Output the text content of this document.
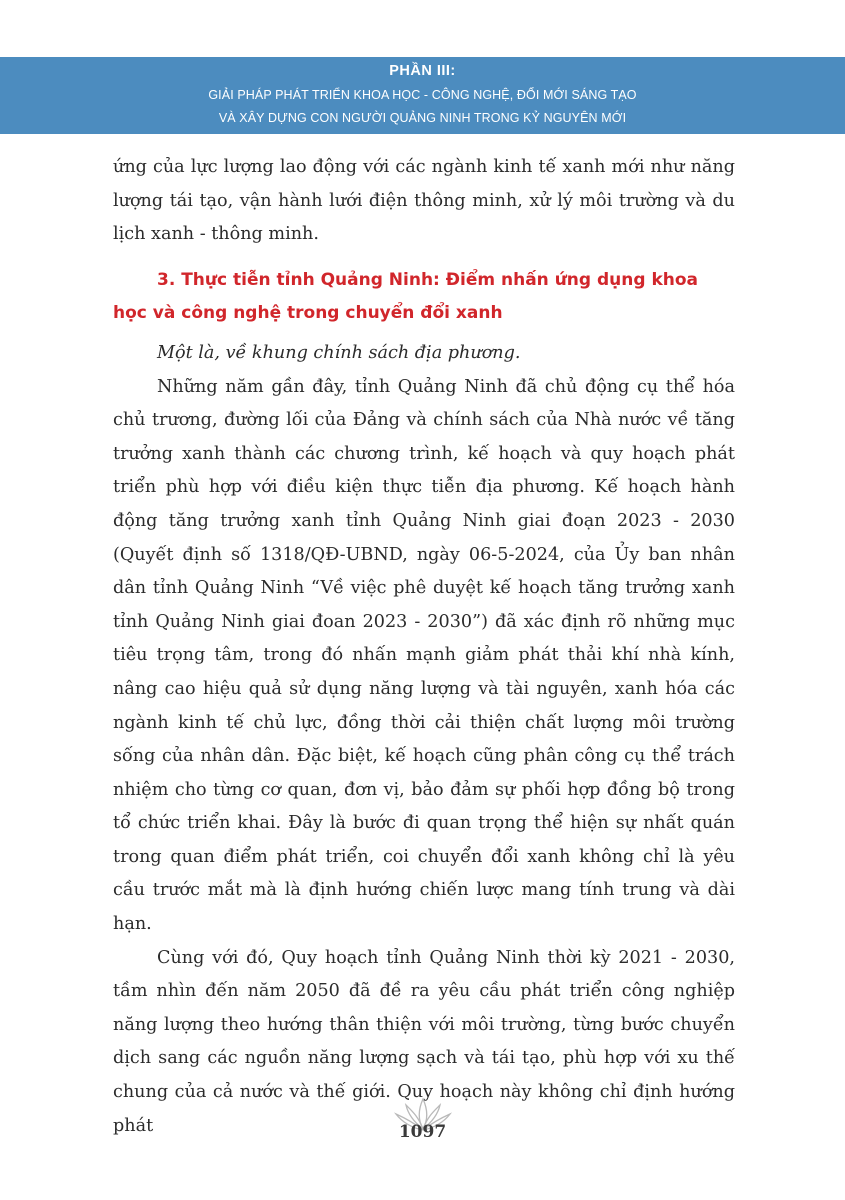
PHẦN III:
GIẢI PHÁP PHÁT TRIỂN KHOA HỌC - CÔNG NGHỆ, ĐỔI MỚI SÁNG TẠO
VÀ XÂY DỰNG CON NGƯỜI QUẢNG NINH TRONG KỶ NGUYÊN MỚI

ứng của lực lượng lao động với các ngành kinh tế xanh mới như năng lượng tái tạo, vận hành lưới điện thông minh, xử lý môi trường và du lịch xanh - thông minh.

3. Thực tiễn tỉnh Quảng Ninh: Điểm nhấn ứng dụng khoa học và công nghệ trong chuyển đổi xanh

Một là, về khung chính sách địa phương.

Những năm gần đây, tỉnh Quảng Ninh đã chủ động cụ thể hóa chủ trương, đường lối của Đảng và chính sách của Nhà nước về tăng trưởng xanh thành các chương trình, kế hoạch và quy hoạch phát triển phù hợp với điều kiện thực tiễn địa phương. Kế hoạch hành động tăng trưởng xanh tỉnh Quảng Ninh giai đoạn 2023 - 2030 (Quyết định số 1318/QĐ-UBND, ngày 06-5-2024, của Ủy ban nhân dân tỉnh Quảng Ninh “Về việc phê duyệt kế hoạch tăng trưởng xanh tỉnh Quảng Ninh giai đoan 2023 - 2030”) đã xác định rõ những mục tiêu trọng tâm, trong đó nhấn mạnh giảm phát thải khí nhà kính, nâng cao hiệu quả sử dụng năng lượng và tài nguyên, xanh hóa các ngành kinh tế chủ lực, đồng thời cải thiện chất lượng môi trường sống của nhân dân. Đặc biệt, kế hoạch cũng phân công cụ thể trách nhiệm cho từng cơ quan, đơn vị, bảo đảm sự phối hợp đồng bộ trong tổ chức triển khai. Đây là bước đi quan trọng thể hiện sự nhất quán trong quan điểm phát triển, coi chuyển đổi xanh không chỉ là yêu cầu trước mắt mà là định hướng chiến lược mang tính trung và dài hạn.

Cùng với đó, Quy hoạch tỉnh Quảng Ninh thời kỳ 2021 - 2030, tầm nhìn đến năm 2050 đã đề ra yêu cầu phát triển công nghiệp năng lượng theo hướng thân thiện với môi trường, từng bước chuyển dịch sang các nguồn năng lượng sạch và tái tạo, phù hợp với xu thế chung của cả nước và thế giới. Quy hoạch này không chỉ định hướng phát	1097
